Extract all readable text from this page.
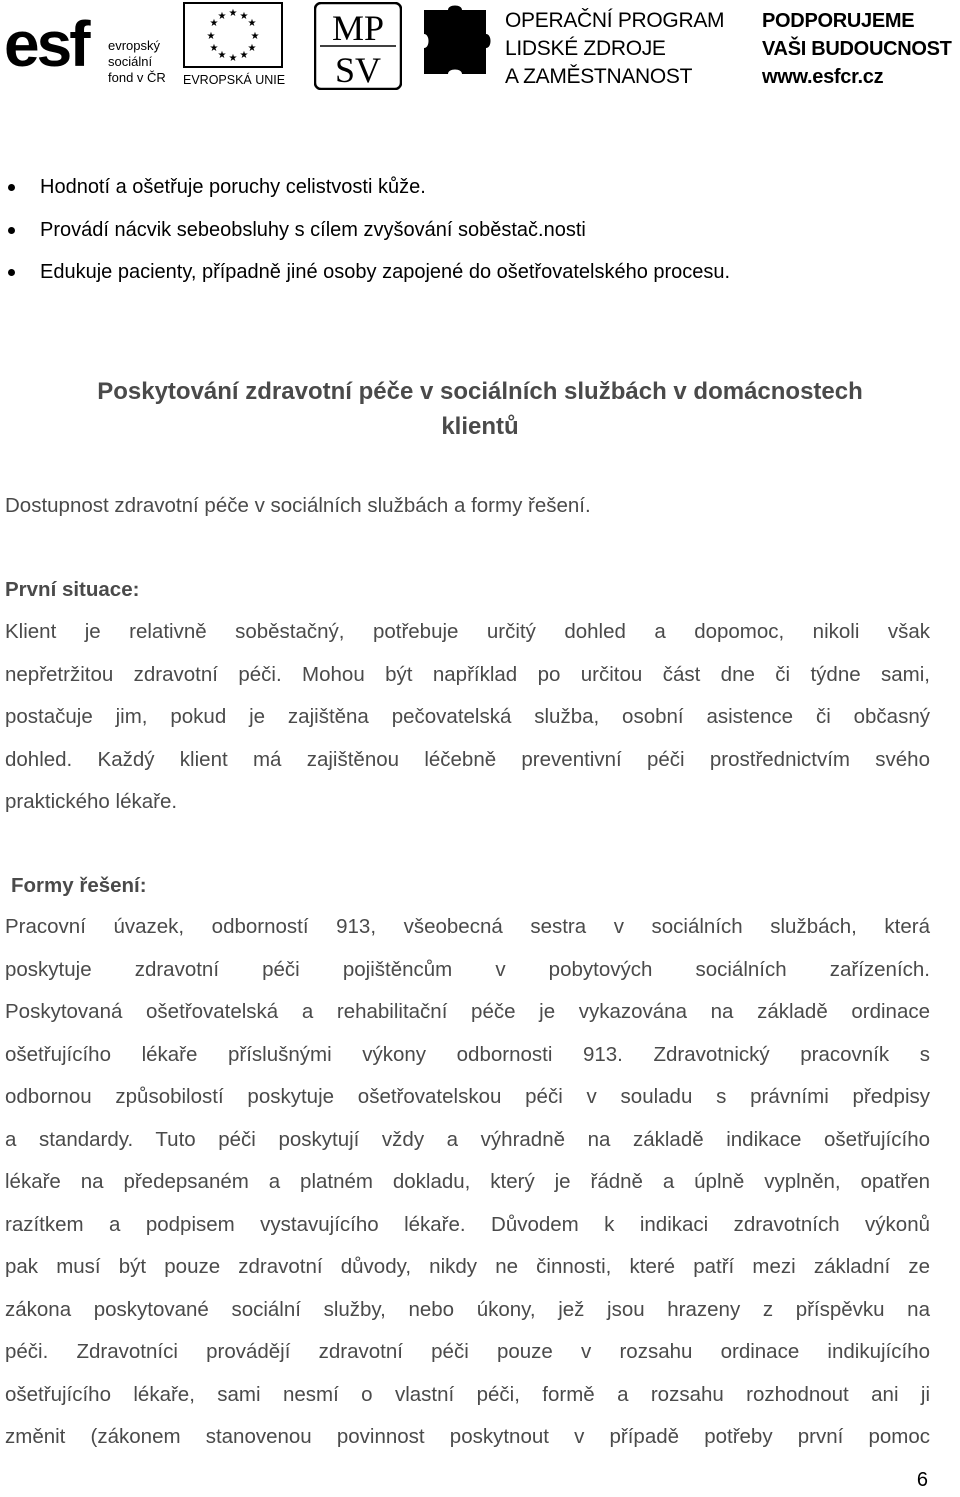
esf evropský
sociální
fond v ČR
★ ★
★
★
★
★
★
★
★
★
★
★
EVROPSKÁ UNIE
MP
SV
OPERAČNÍ PROGRAM
LIDSKÉ ZDROJE
A ZAMĚSTNANOST
PODPORUJEME
VAŠI BUDOUCNOST
www.esfcr.cz
Hodnotí a ošetřuje poruchy celistvosti kůže.
Provádí nácvik sebeobsluhy s cílem zvyšování soběstač.nosti
Edukuje pacienty, případně jiné osoby zapojené do ošetřovatelského procesu.
Poskytování zdravotní péče v sociálních službách v domácnostech
klientů

Dostupnost zdravotní péče v sociálních službách a formy řešení.

První situace:

Klient je relativně soběstačný, potřebuje určitý dohled a dopomoc, nikoli však
nepřetržitou zdravotní péči. Mohou být například po určitou část dne či týdne sami,
postačuje jim, pokud je zajištěna pečovatelská služba, osobní asistence či občasný
dohled. Každý klient má zajištěnou léčebně preventivní péči prostřednictvím svého
praktického lékaře.

Formy řešení:

Pracovní úvazek, odborností 913, všeobecná sestra v sociálních službách, která
poskytuje zdravotní péči pojištěncům v pobytových sociálních zařízeních.
Poskytovaná ošetřovatelská a rehabilitační péče je vykazována na základě ordinace
ošetřujícího lékaře příslušnými výkony odbornosti 913. Zdravotnický pracovník s
odbornou způsobilostí poskytuje ošetřovatelskou péči v souladu s právními předpisy
a standardy. Tuto péči poskytují vždy a výhradně na základě indikace ošetřujícího
lékaře na předepsaném a platném dokladu, který je řádně a úplně vyplněn, opatřen
razítkem a podpisem vystavujícího lékaře. Důvodem k indikaci zdravotních výkonů
pak musí být pouze zdravotní důvody, nikdy ne činnosti, které patří mezi základní ze
zákona poskytované sociální služby, nebo úkony, jež jsou hrazeny z příspěvku na
péči. Zdravotníci provádějí zdravotní péči pouze v rozsahu ordinace indikujícího
ošetřujícího lékaře, sami nesmí o vlastní péči, formě a rozsahu rozhodnout ani ji
změnit (zákonem stanovenou povinnost poskytnout v případě potřeby první pomoc

6
